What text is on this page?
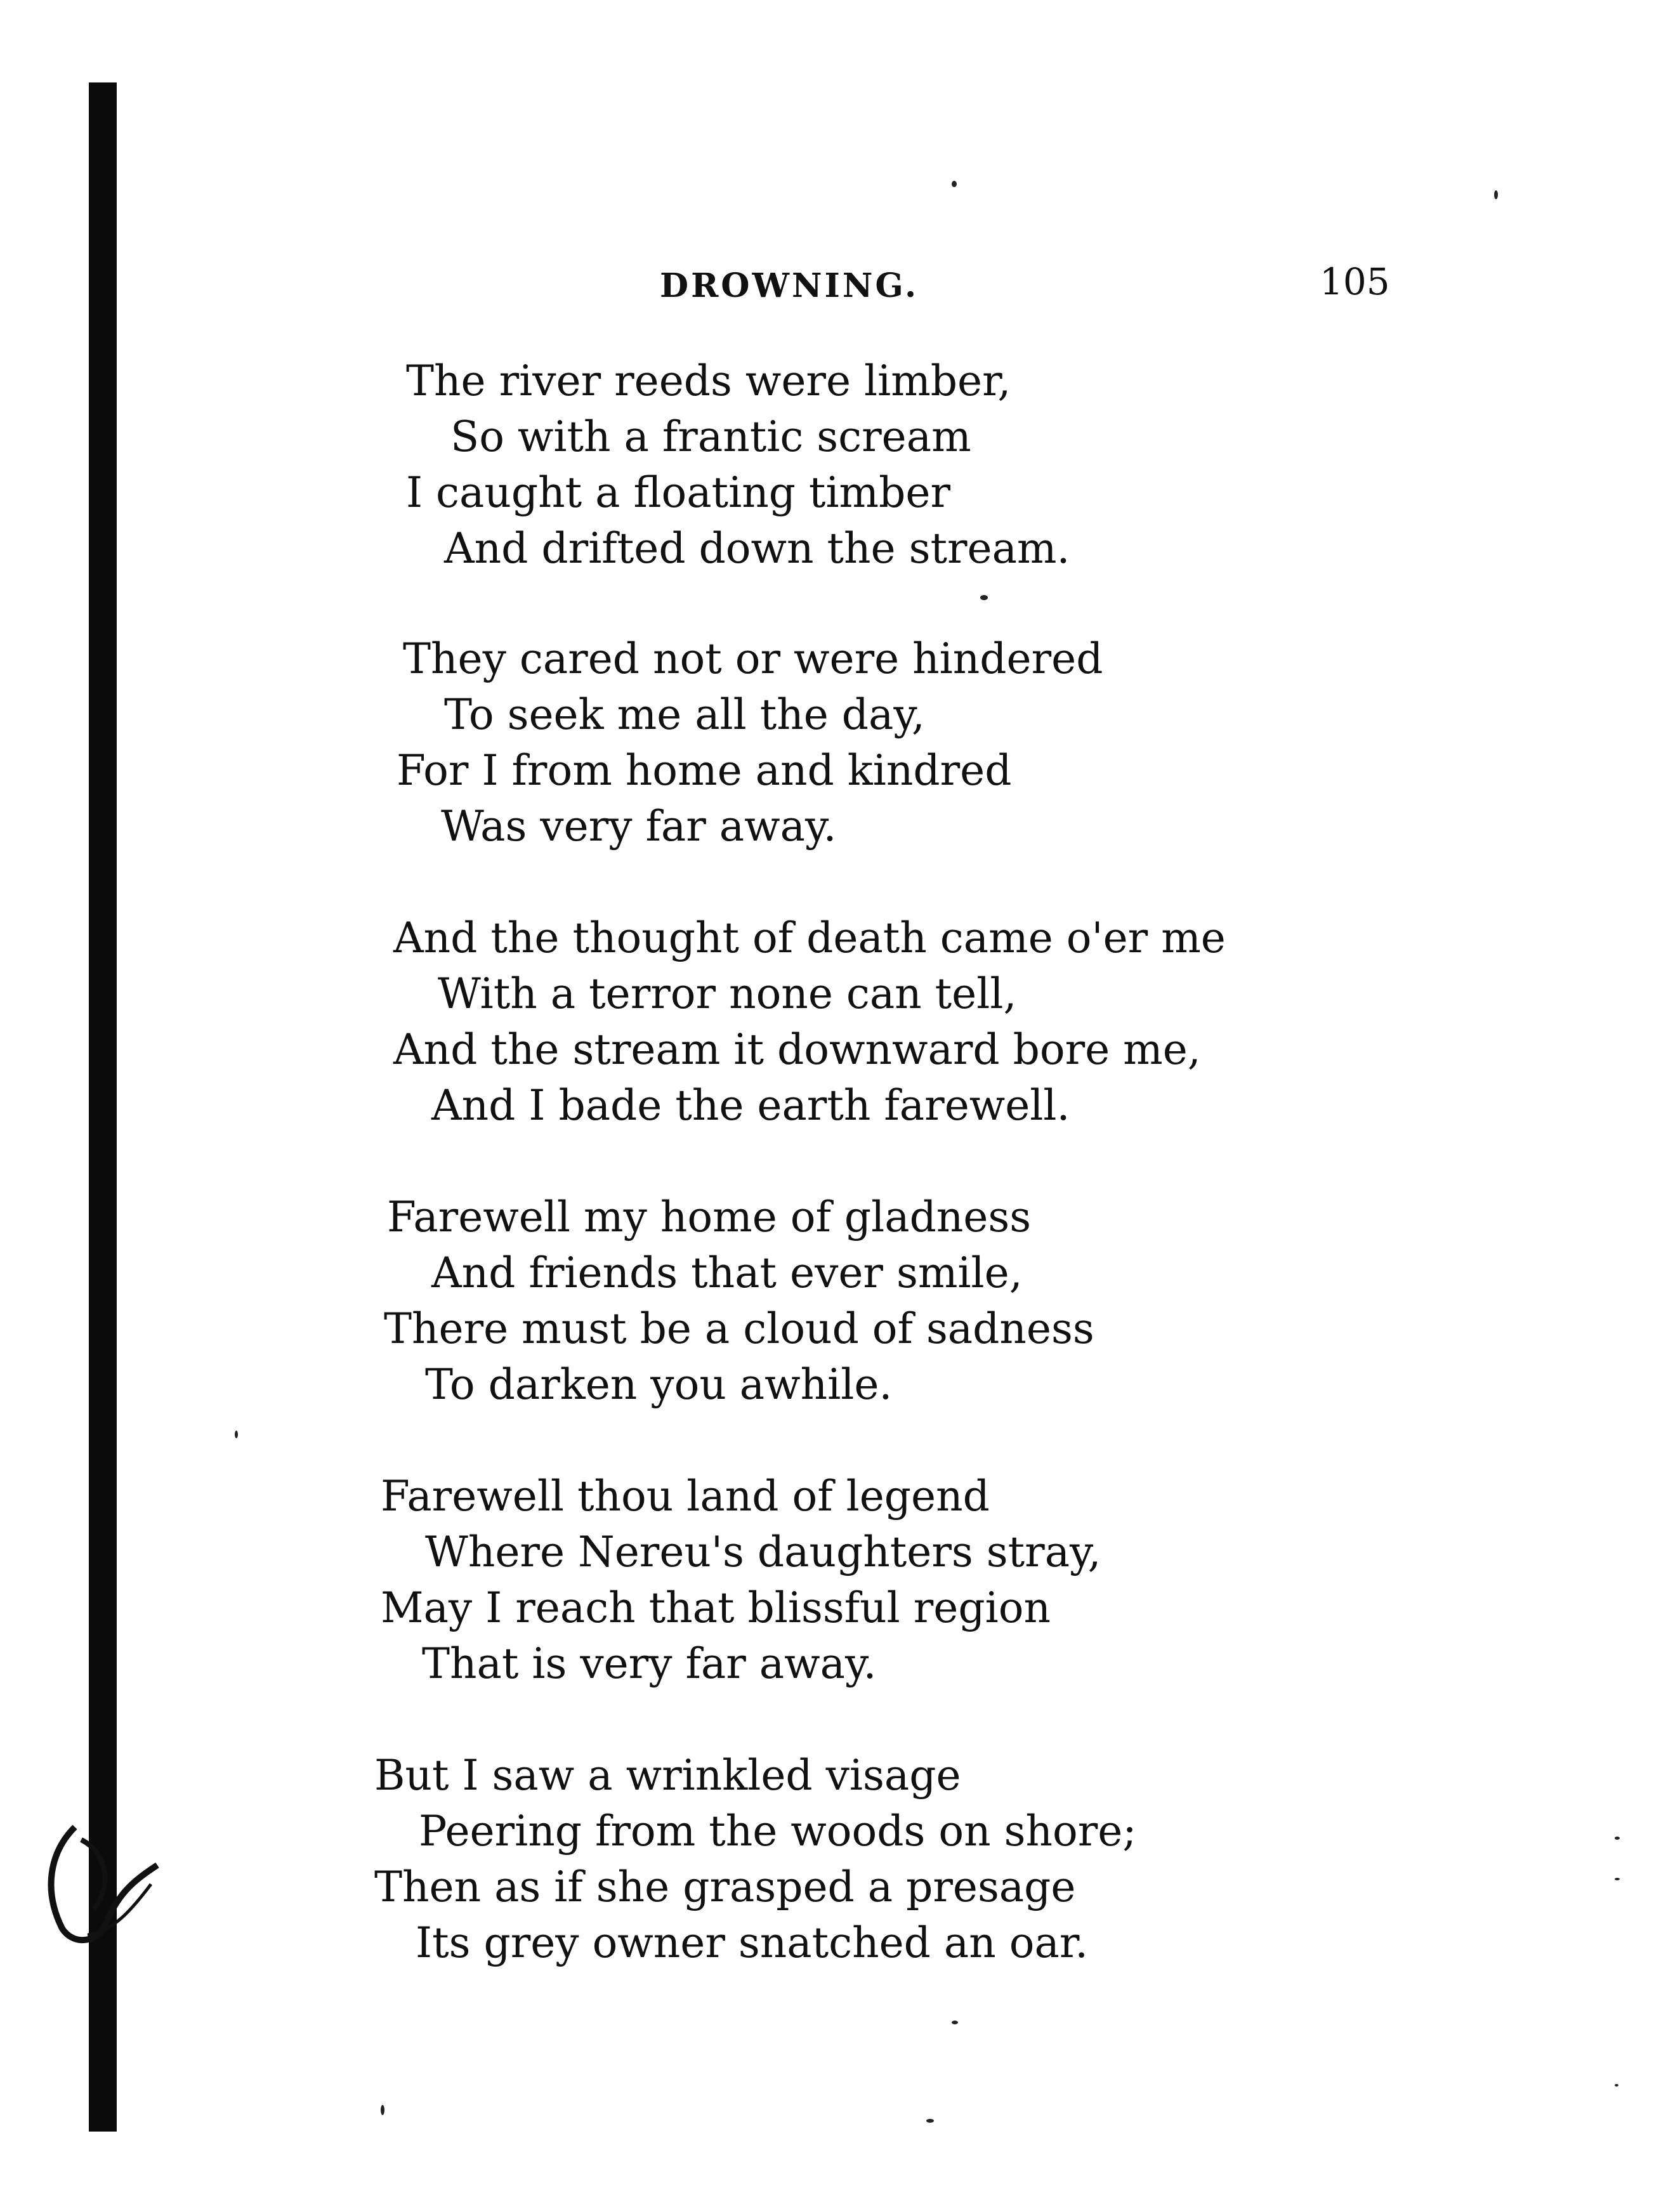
DROWNING.	105
The river reeds were limber,
So with a frantic scream
I caught a floating timber
And drifted down the stream.
They cared not or were hindered
To seek me all the day,
For I from home and kindred
Was very far away.
And the thought of death came o'er me
With a terror none can tell,
And the stream it downward bore me,
And I bade the earth farewell.
Farewell my home of gladness
And friends that ever smile,
There must be a cloud of sadness
To darken you awhile.
Farewell thou land of legend
Where Nereu's daughters stray,
May I reach that blissful region
That is very far away.
But I saw a wrinkled visage
Peering from the woods on shore;
Then as if she grasped a presage
Its grey owner snatched an oar.
